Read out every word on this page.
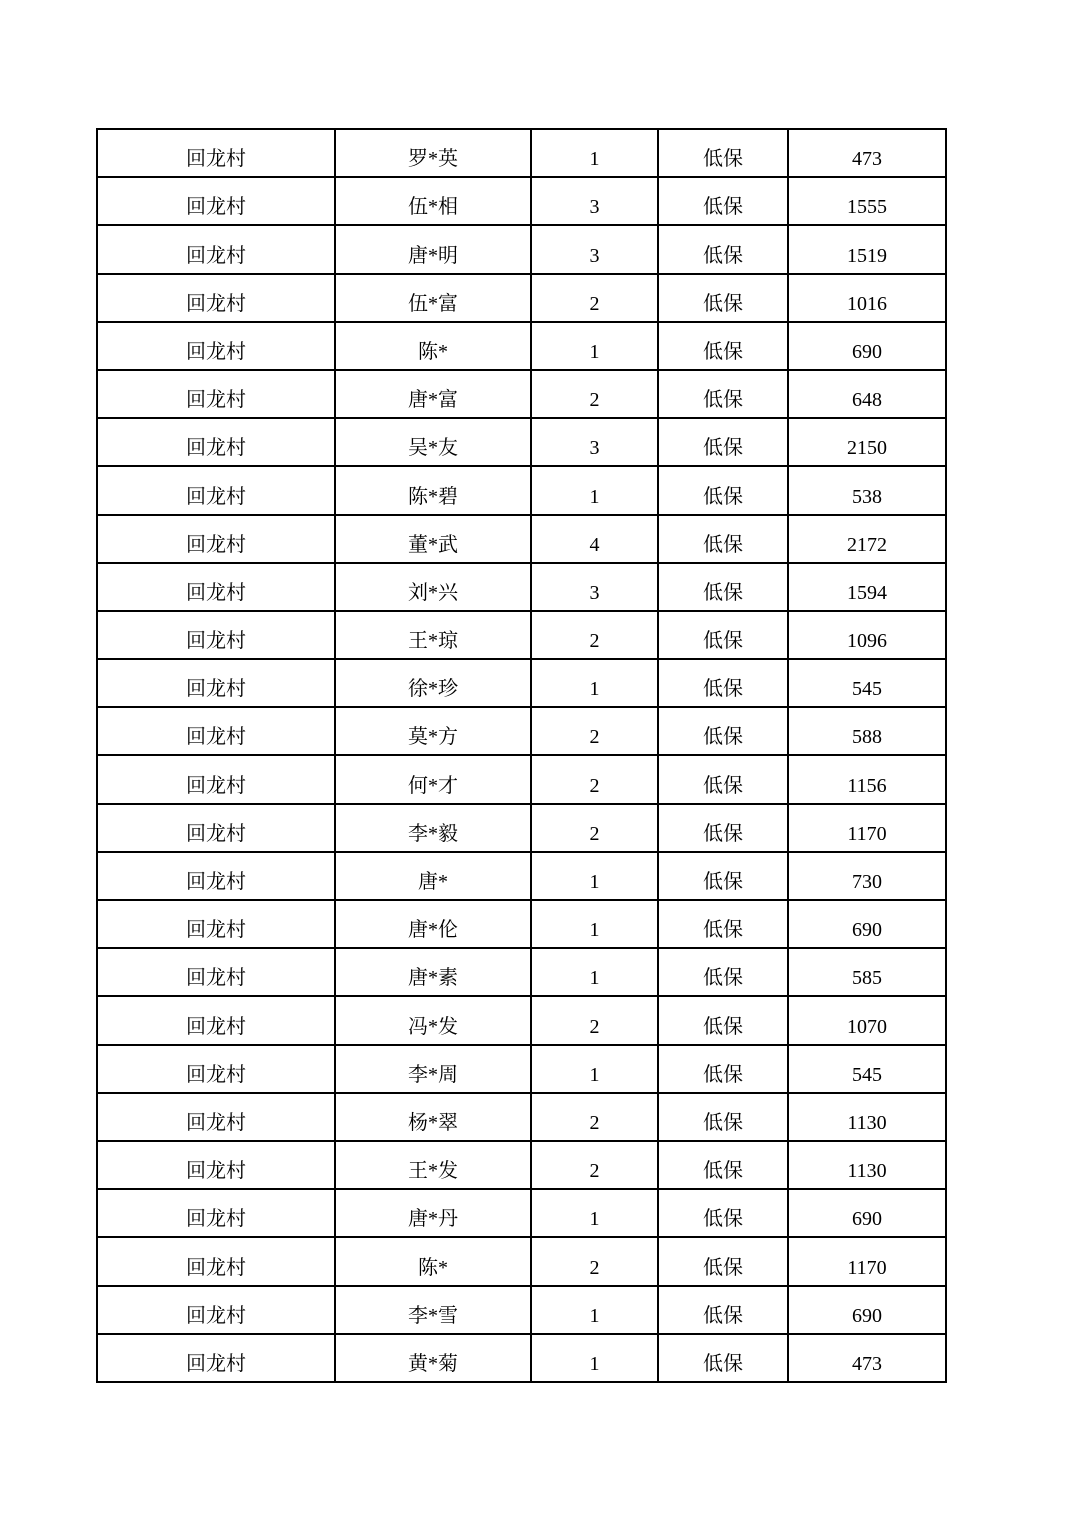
回龙村	罗*英	1	低保	473
回龙村	伍*相	3	低保	1555
回龙村	唐*明	3	低保	1519
回龙村	伍*富	2	低保	1016
回龙村	陈*	1	低保	690
回龙村	唐*富	2	低保	648
回龙村	吴*友	3	低保	2150
回龙村	陈*碧	1	低保	538
回龙村	董*武	4	低保	2172
回龙村	刘*兴	3	低保	1594
回龙村	王*琼	2	低保	1096
回龙村	徐*珍	1	低保	545
回龙村	莫*方	2	低保	588
回龙村	何*才	2	低保	1156
回龙村	李*毅	2	低保	1170
回龙村	唐*	1	低保	730
回龙村	唐*伦	1	低保	690
回龙村	唐*素	1	低保	585
回龙村	冯*发	2	低保	1070
回龙村	李*周	1	低保	545
回龙村	杨*翠	2	低保	1130
回龙村	王*发	2	低保	1130
回龙村	唐*丹	1	低保	690
回龙村	陈*	2	低保	1170
回龙村	李*雪	1	低保	690
回龙村	黄*菊	1	低保	473
